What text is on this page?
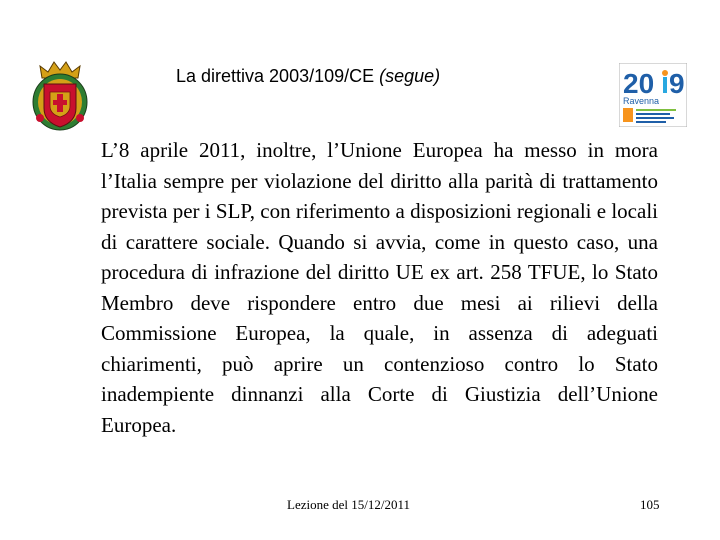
La direttiva 2003/109/CE (segue)	20 9
Ravenna
L’8 aprile 2011, inoltre, l’Unione Europea ha messo in mora l’Italia sempre per violazione del diritto alla parità di trattamento prevista per i SLP, con riferimento a disposizioni regionali e locali di carattere sociale. Quando si avvia, come in questo caso, una procedura di infrazione del diritto UE ex art. 258 TFUE, lo Stato Membro deve rispondere entro due mesi ai rilievi della Commissione Europea, la quale, in assenza di adeguati chiarimenti, può aprire un contenzioso contro lo Stato inadempiente dinnanzi alla Corte di Giustizia dell’Unione Europea.
Lezione del 15/12/2011	105
